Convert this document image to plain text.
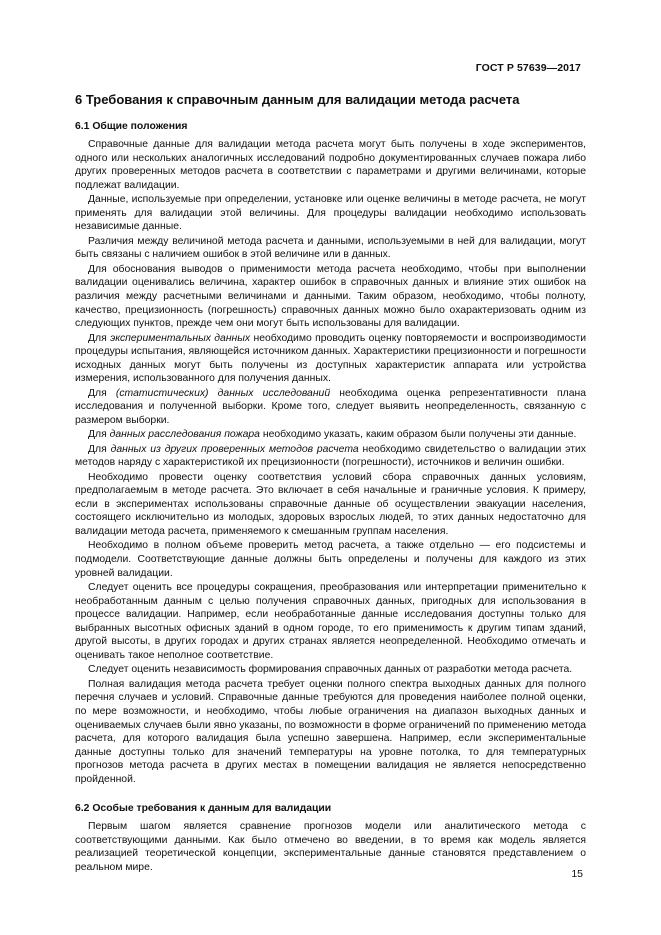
ГОСТ Р 57639—2017
6 Требования к справочным данным для валидации метода расчета
6.1 Общие положения

Справочные данные для валидации метода расчета могут быть получены в ходе экспериментов, одного или нескольких аналогичных исследований подробно документированных случаев пожара либо других проверенных методов расчета в соответствии с параметрами и другими величинами, которые подлежат валидации.

Данные, используемые при определении, установке или оценке величины в методе расчета, не могут применять для валидации этой величины. Для процедуры валидации необходимо использовать независимые данные.

Различия между величиной метода расчета и данными, используемыми в ней для валидации, могут быть связаны с наличием ошибок в этой величине или в данных.

Для обоснования выводов о применимости метода расчета необходимо, чтобы при выполнении валидации оценивались величина, характер ошибок в справочных данных и влияние этих ошибок на различия между расчетными величинами и данными. Таким образом, необходимо, чтобы полноту, качество, прецизионность (погрешность) справочных данных можно было охарактеризовать одним из следующих пунктов, прежде чем они могут быть использованы для валидации.

Для экспериментальных данных необходимо проводить оценку повторяемости и воспроизводимости процедуры испытания, являющейся источником данных. Характеристики прецизионности и погрешности исходных данных могут быть получены из доступных характеристик аппарата или устройства измерения, использованного для получения данных.

Для (статистических) данных исследований необходима оценка репрезентативности плана исследования и полученной выборки. Кроме того, следует выявить неопределенность, связанную с размером выборки.

Для данных расследования пожара необходимо указать, каким образом были получены эти данные.

Для данных из других проверенных методов расчета необходимо свидетельство о валидации этих методов наряду с характеристикой их прецизионности (погрешности), источников и величин ошибки.

Необходимо провести оценку соответствия условий сбора справочных данных условиям, предполагаемым в методе расчета. Это включает в себя начальные и граничные условия. К примеру, если в экспериментах использованы справочные данные об осуществлении эвакуации населения, состоящего исключительно из молодых, здоровых взрослых людей, то этих данных недостаточно для валидации метода расчета, применяемого к смешанным группам населения.

Необходимо в полном объеме проверить метод расчета, а также отдельно — его подсистемы и подмодели. Соответствующие данные должны быть определены и получены для каждого из этих уровней валидации.

Следует оценить все процедуры сокращения, преобразования или интерпретации применительно к необработанным данным с целью получения справочных данных, пригодных для использования в процессе валидации. Например, если необработанные данные исследования доступны только для выбранных высотных офисных зданий в одном городе, то его применимость к другим типам зданий, другой высоты, в других городах и других странах является неопределенной. Необходимо отмечать и оценивать такое неполное соответствие.

Следует оценить независимость формирования справочных данных от разработки метода расчета.

Полная валидация метода расчета требует оценки полного спектра выходных данных для полного перечня случаев и условий. Справочные данные требуются для проведения наиболее полной оценки, по мере возможности, и необходимо, чтобы любые ограничения на диапазон выходных данных и оцениваемых случаев были явно указаны, по возможности в форме ограничений по применению метода расчета, для которого валидация была успешно завершена. Например, если экспериментальные данные доступны только для значений температуры на уровне потолка, то для температурных прогнозов метода расчета в других местах в помещении валидация не является непосредственно пройденной.

6.2 Особые требования к данным для валидации

Первым шагом является сравнение прогнозов модели или аналитического метода с соответствующими данными. Как было отмечено во введении, в то время как модель является реализацией теоретической концепции, экспериментальные данные становятся представлением о реальном мире.

15
